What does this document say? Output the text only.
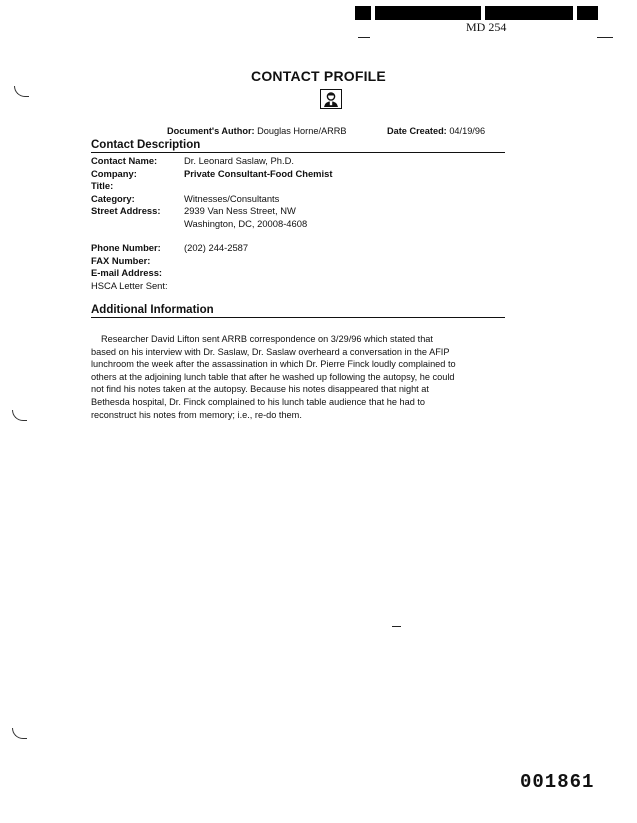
MD 254
CONTACT PROFILE
Document's Author: Douglas Horne/ARRB	Date Created: 04/19/96
Contact Description
Contact Name:	Dr. Leonard Saslaw, Ph.D.
Company:	Private Consultant-Food Chemist
Title:
Category:	Witnesses/Consultants
Street Address:	2939 Van Ness Street, NW
Washington, DC, 20008-4608
Phone Number: (202) 244-2587
FAX Number:
E-mail Address:
HSCA Letter Sent:
Additional Information
Researcher David Lifton sent ARRB correspondence on 3/29/96 which stated that
based on his interview with Dr. Saslaw, Dr. Saslaw overheard a conversation in the AFIP
lunchroom the week after the assassination in which Dr. Pierre Finck loudly complained to
others at the adjoining lunch table that after he washed up following the autopsy, he could
not find his notes taken at the autopsy. Because his notes disappeared that night at
Bethesda hospital, Dr. Finck complained to his lunch table audience that he had to
reconstruct his notes from memory; i.e., re-do them.
001861
